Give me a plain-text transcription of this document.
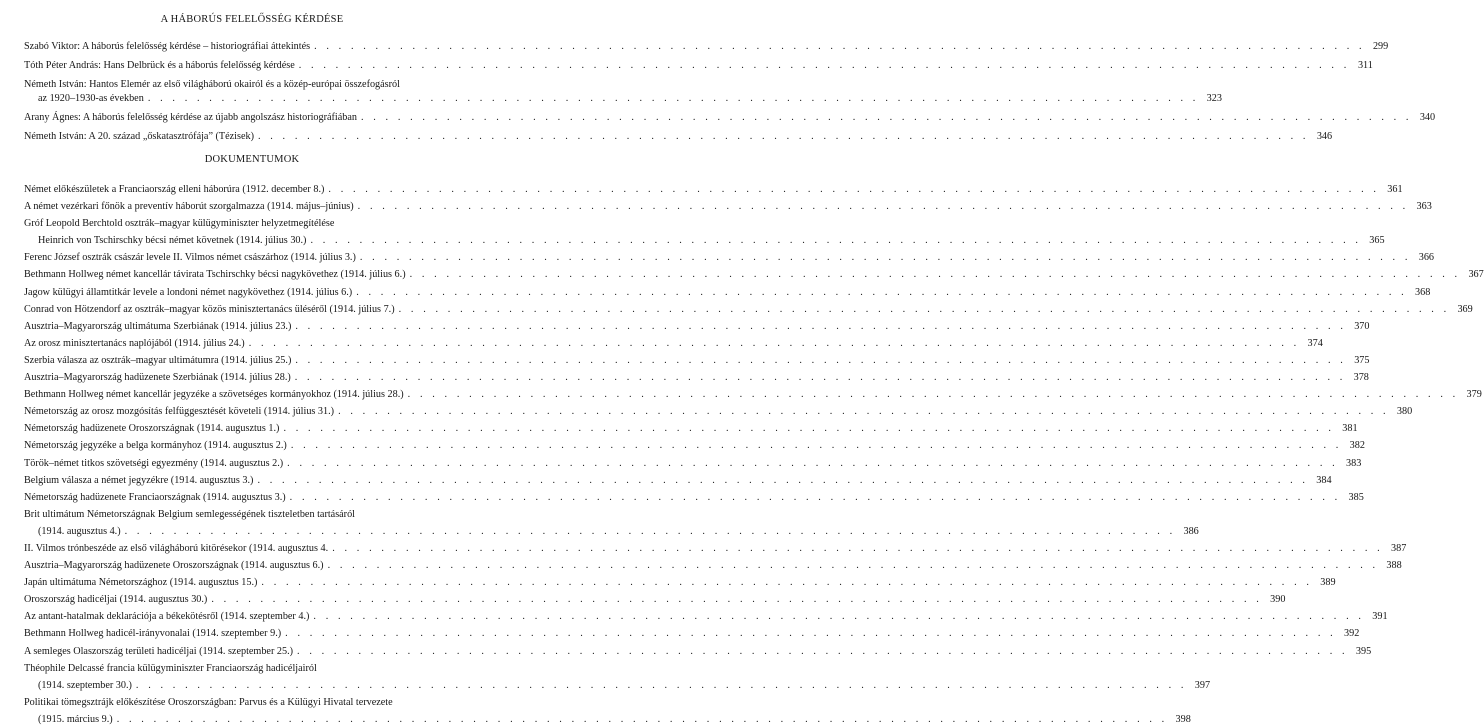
A HÁBORÚS FELELŐSSÉG KÉRDÉSE
Szabó Viktor: A háborús felelősség kérdése – historiográfiai áttekintés . . .	299
Tóth Péter András: Hans Delbrück és a háborús felelősség kérdése . . .	311
Németh István: Hantos Elemér az első világháború okairól és a közép-európai összefogásról
az 1920–1930-as években . . .	323
Arany Ágnes: A háborús felelősség kérdése az újabb angolszász historiográfiában . . .	340
Németh István: A 20. század „őskatasztrófája” (Tézisek) . . .	346
DOKUMENTUMOK
Német előkészületek a Franciaország elleni háborúra (1912. december 8.) . . .	361
A német vezérkari főnök a preventív háborút szorgalmazza (1914. május–június) . . .	363
Gróf Leopold Berchtold osztrák–magyar külügyminiszter helyzetmegítélése
Heinrich von Tschirschky bécsi német követnek (1914. július 30.) . . .	365
Ferenc József osztrák császár levele II. Vilmos német császárhoz (1914. július 3.) . . .	366
Bethmann Hollweg német kancellár távirata Tschirschky bécsi nagykövethez (1914. július 6.) . . .	367
Jagow külügyi államtitkár levele a londoni német nagykövethez (1914. július 6.) . . .	368
Conrad von Hötzendorf az osztrák–magyar közös minisztertanács üléséről (1914. július 7.) . . .	369
Ausztria–Magyarország ultimátuma Szerbiának (1914. július 23.) . . .	370
Az orosz minisztertanács naplójából (1914. július 24.) . . .	374
Szerbia válasza az osztrák–magyar ultimátumra (1914. július 25.) . . .	375
Ausztria–Magyarország hadüzenete Szerbiának (1914. július 28.) . . .	378
Bethmann Hollweg német kancellár jegyzéke a szövetséges kormányokhoz (1914. július 28.) . . .	379
Németország az orosz mozgósítás felfüggesztését követeli (1914. július 31.) . . .	380
Németország hadüzenete Oroszországnak (1914. augusztus 1.) . . .	381
Németország jegyzéke a belga kormányhoz (1914. augusztus 2.) . . .	382
Török–német titkos szövetségi egyezmény (1914. augusztus 2.) . . .	383
Belgium válasza a német jegyzékre (1914. augusztus 3.) . . .	384
Németország hadüzenete Franciaországnak (1914. augusztus 3.) . . .	385
Brit ultimátum Németországnak Belgium semlegességének tiszteletben tartásáról
(1914. augusztus 4.) . . .	386
II. Vilmos trónbeszéde az első világháború kitörésekor (1914. augusztus 4. . . .	387
Ausztria–Magyarország hadüzenete Oroszországnak (1914. augusztus 6.) . . .	388
Japán ultimátuma Németországhoz (1914. augusztus 15.) . . .	389
Oroszország hadicéljai (1914. augusztus 30.) . . .	390
Az antant-hatalmak deklarációja a békekötésről (1914. szeptember 4.) . . .	391
Bethmann Hollweg hadicél-irányvonalai (1914. szeptember 9.) . . .	392
A semleges Olaszország területi hadicéljai (1914. szeptember 25.) . . .	395
Théophile Delcassé francia külügyminiszter Franciaország hadicéljairól
(1914. szeptember 30.) . . .	397
Politikai tömegsztrájk előkészítése Oroszországban: Parvus és a Külügyi Hivatal tervezete
(1915. március 9.) . . .	398
